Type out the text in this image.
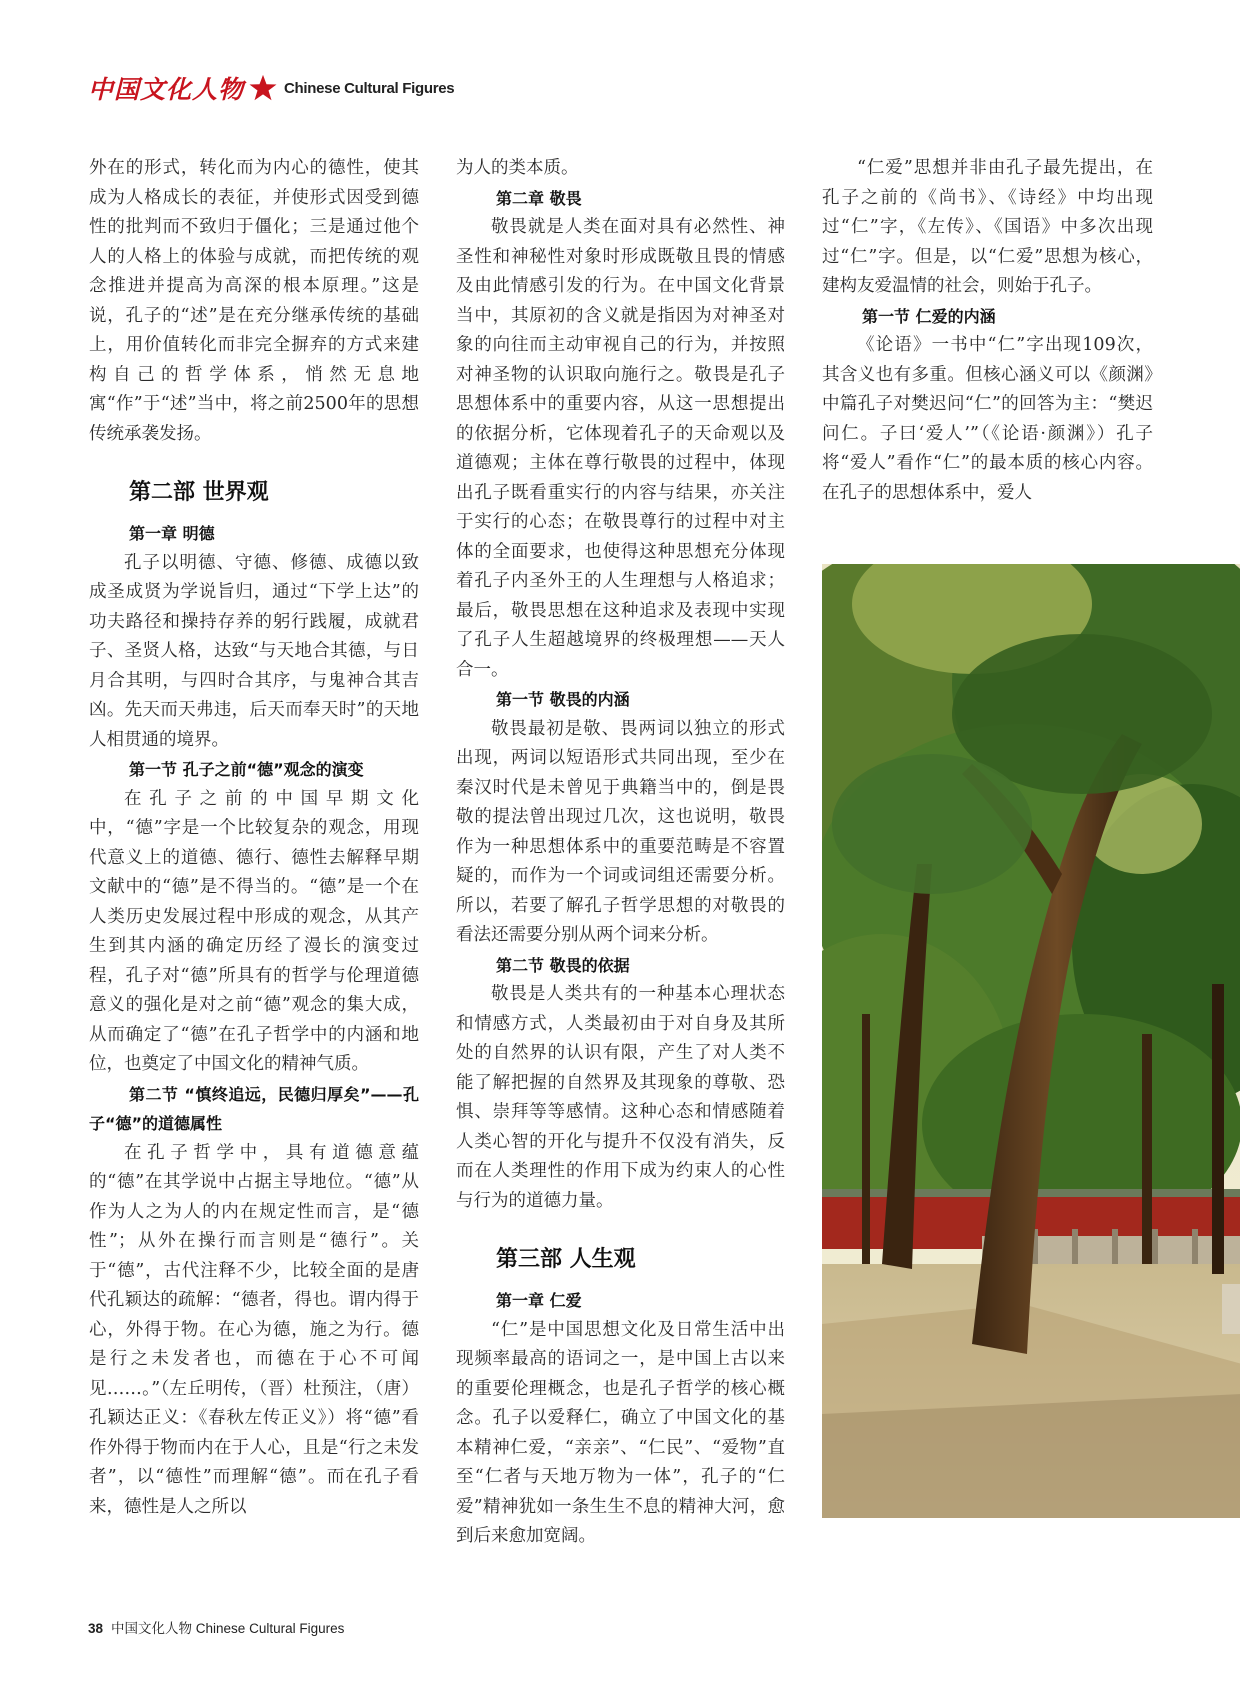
中国文化人物	Chinese Cultural Figures

外在的形式，转化而为内心的德性，使其成为人格成长的表征，并使形式因受到德性的批判而不致归于僵化；三是通过他个人的人格上的体验与成就，而把传统的观念推进并提高为高深的根本原理。”这是说，孔子的“述”是在充分继承传统的基础上，用价值转化而非完全摒弃的方式来建构自己的哲学体系，悄然无息地寓“作”于“述”当中，将之前2500年的思想传统承袭发扬。

第二部 世界观
第一章 明德

孔子以明德、守德、修德、成德以致成圣成贤为学说旨归，通过“下学上达”的功夫路径和操持存养的躬行践履，成就君子、圣贤人格，达致“与天地合其德，与日月合其明，与四时合其序，与鬼神合其吉凶。先天而天弗违，后天而奉天时”的天地人相贯通的境界。

第一节 孔子之前“德”观念的演变

在孔子之前的中国早期文化中，“德”字是一个比较复杂的观念，用现代意义上的道德、德行、德性去解释早期文献中的“德”是不得当的。“德”是一个在人类历史发展过程中形成的观念，从其产生到其内涵的确定历经了漫长的演变过程，孔子对“德”所具有的哲学与伦理道德意义的强化是对之前“德”观念的集大成，从而确定了“德”在孔子哲学中的内涵和地位，也奠定了中国文化的精神气质。

第二节 “慎终追远，民德归厚矣”——孔子“德”的道德属性

在孔子哲学中，具有道德意蕴的“德”在其学说中占据主导地位。“德”从作为人之为人的内在规定性而言，是“德性”；从外在操行而言则是“德行”。关于“德”，古代注释不少，比较全面的是唐代孔颖达的疏解：“德者，得也。谓内得于心，外得于物。在心为德，施之为行。德是行之未发者也，而德在于心不可闻见……。”（左丘明传，（晋）杜预注，（唐）孔颖达正义：《春秋左传正义》）将“德”看作外得于物而内在于人心，且是“行之未发者”，以“德性”而理解“德”。而在孔子看来，德性是人之所以

为人的类本质。

第二章 敬畏

敬畏就是人类在面对具有必然性、神圣性和神秘性对象时形成既敬且畏的情感及由此情感引发的行为。在中国文化背景当中，其原初的含义就是指因为对神圣对象的向往而主动审视自己的行为，并按照对神圣物的认识取向施行之。敬畏是孔子思想体系中的重要内容，从这一思想提出的依据分析，它体现着孔子的天命观以及道德观；主体在尊行敬畏的过程中，体现出孔子既看重实行的内容与结果，亦关注于实行的心态；在敬畏尊行的过程中对主体的全面要求，也使得这种思想充分体现着孔子内圣外王的人生理想与人格追求；最后，敬畏思想在这种追求及表现中实现了孔子人生超越境界的终极理想——天人合一。

第一节 敬畏的内涵

敬畏最初是敬、畏两词以独立的形式出现，两词以短语形式共同出现，至少在秦汉时代是未曾见于典籍当中的，倒是畏敬的提法曾出现过几次，这也说明，敬畏作为一种思想体系中的重要范畴是不容置疑的，而作为一个词或词组还需要分析。所以，若要了解孔子哲学思想的对敬畏的看法还需要分别从两个词来分析。

第二节 敬畏的依据

敬畏是人类共有的一种基本心理状态和情感方式，人类最初由于对自身及其所处的自然界的认识有限，产生了对人类不能了解把握的自然界及其现象的尊敬、恐惧、崇拜等等感情。这种心态和情感随着人类心智的开化与提升不仅没有消失，反而在人类理性的作用下成为约束人的心性与行为的道德力量。

第三部 人生观
第一章 仁爱

“仁”是中国思想文化及日常生活中出现频率最高的语词之一，是中国上古以来的重要伦理概念，也是孔子哲学的核心概念。孔子以爱释仁，确立了中国文化的基本精神仁爱，“亲亲”、“仁民”、“爱物”直至“仁者与天地万物为一体”，孔子的“仁爱”精神犹如一条生生不息的精神大河，愈到后来愈加宽阔。

“仁爱”思想并非由孔子最先提出，在孔子之前的《尚书》、《诗经》中均出现过“仁”字，《左传》、《国语》中多次出现过“仁”字。但是，以“仁爱”思想为核心，建构友爱温情的社会，则始于孔子。

第一节 仁爱的内涵

《论语》一书中“仁”字出现109次，其含义也有多重。但核心涵义可以《颜渊》中篇孔子对樊迟问“仁”的回答为主：“樊迟问仁。子曰‘爱人’”（《论语·颜渊》）孔子将“爱人”看作“仁”的最本质的核心内容。在孔子的思想体系中，爱人

38 中国文化人物 Chinese Cultural Figures
